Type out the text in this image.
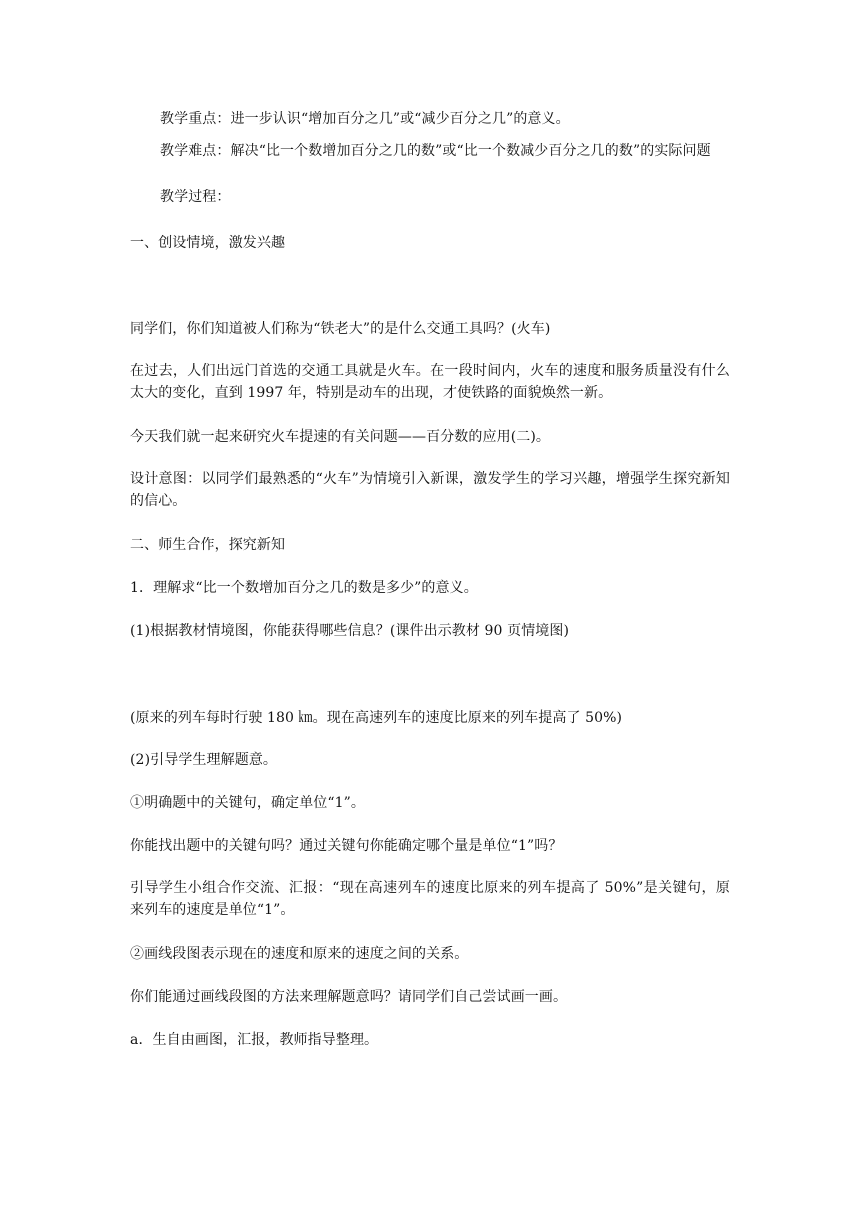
教学重点：进一步认识“增加百分之几”或“减少百分之几”的意义。

教学难点：解决“比一个数增加百分之几的数”或“比一个数减少百分之几的数”的实际问题

教学过程：

一、创设情境，激发兴趣

同学们，你们知道被人们称为“铁老大”的是什么交通工具吗？(火车)

在过去，人们出远门首选的交通工具就是火车。在一段时间内，火车的速度和服务质量没有什么太大的变化，直到 1997 年，特别是动车的出现，才使铁路的面貌焕然一新。

今天我们就一起来研究火车提速的有关问题——百分数的应用(二)。

设计意图：以同学们最熟悉的“火车”为情境引入新课，激发学生的学习兴趣，增强学生探究新知的信心。

二、师生合作，探究新知

1．理解求“比一个数增加百分之几的数是多少”的意义。

(1)根据教材情境图，你能获得哪些信息？(课件出示教材 90 页情境图)

(原来的列车每时行驶 180 ㎞。现在高速列车的速度比原来的列车提高了 50%)

(2)引导学生理解题意。

①明确题中的关键句，确定单位“1”。

你能找出题中的关键句吗？通过关键句你能确定哪个量是单位“1”吗？

引导学生小组合作交流、汇报：“现在高速列车的速度比原来的列车提高了 50%”是关键句，原来列车的速度是单位“1”。

②画线段图表示现在的速度和原来的速度之间的关系。

你们能通过画线段图的方法来理解题意吗？请同学们自己尝试画一画。

a．生自由画图，汇报，教师指导整理。
